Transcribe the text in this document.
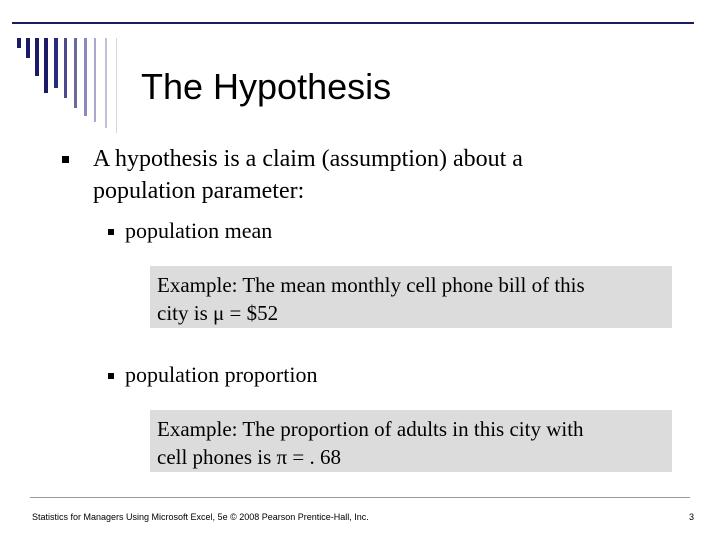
The Hypothesis
A hypothesis is a claim (assumption) about a
population parameter:
population mean
Example: The mean monthly cell phone bill of this
city is μ = $52
population proportion
Example: The proportion of adults in this city with
cell phones is π = . 68
Statistics for Managers Using Microsoft Excel, 5e © 2008 Pearson Prentice-Hall, Inc.	3
